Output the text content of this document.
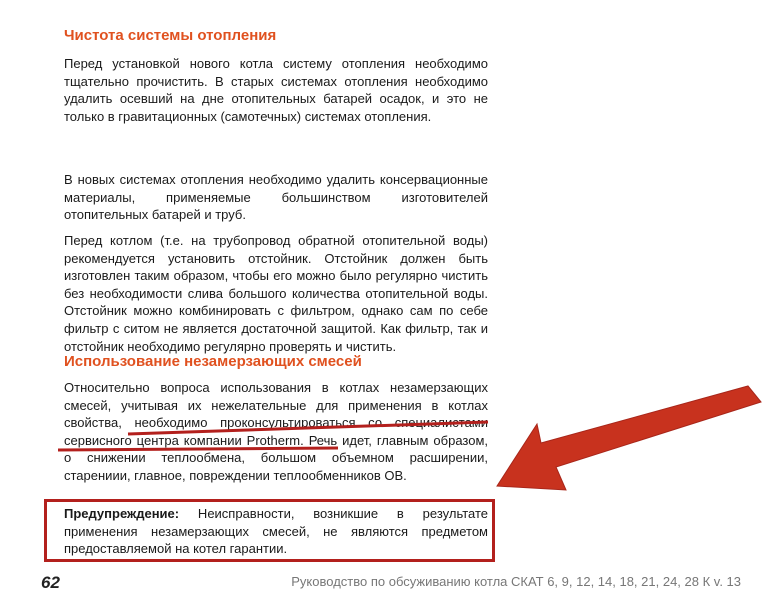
Чистота системы отопления

Перед установкой нового котла систему отопления необходимо тщательно прочистить. В старых системах отопления необходимо удалить осевший на дне отопительных батарей осадок, и это не только в гравитационных (самотечных) системах отопления.

В новых системах отопления необходимо удалить консервационные материалы, применяемые большинством изготовителей отопительных батарей и труб.

Перед котлом (т.е. на трубопровод обратной отопительной воды) рекомендуется установить отстойник. Отстойник должен быть изготовлен таким образом, чтобы его можно было регулярно чистить без необходимости слива большого количества отопительной воды. Отстойник можно комбинировать с фильтром, однако сам по себе фильтр с ситом не является достаточной защитой. Как фильтр, так и отстойник необходимо регулярно проверять и чистить.

Использование незамерзающих смесей

Относительно вопроса использования в котлах незамерзающих смесей, учитывая их нежелательные для применения в котлах свойства, необходимо проконсультироваться со специалистами сервисного центра компании Protherm. Речь идет, главным образом, о снижении теплообмена, большом объемном расширении, старениии, главное, повреждении теплообменников ОВ.

Предупреждение: Неисправности, возникшие в результате применения незамерзающих смесей, не являются предметом предоставляемой на котел гарантии.

62	Руководство по обсуживанию котла СКАТ 6, 9, 12, 14, 18, 21, 24, 28 К v. 13
